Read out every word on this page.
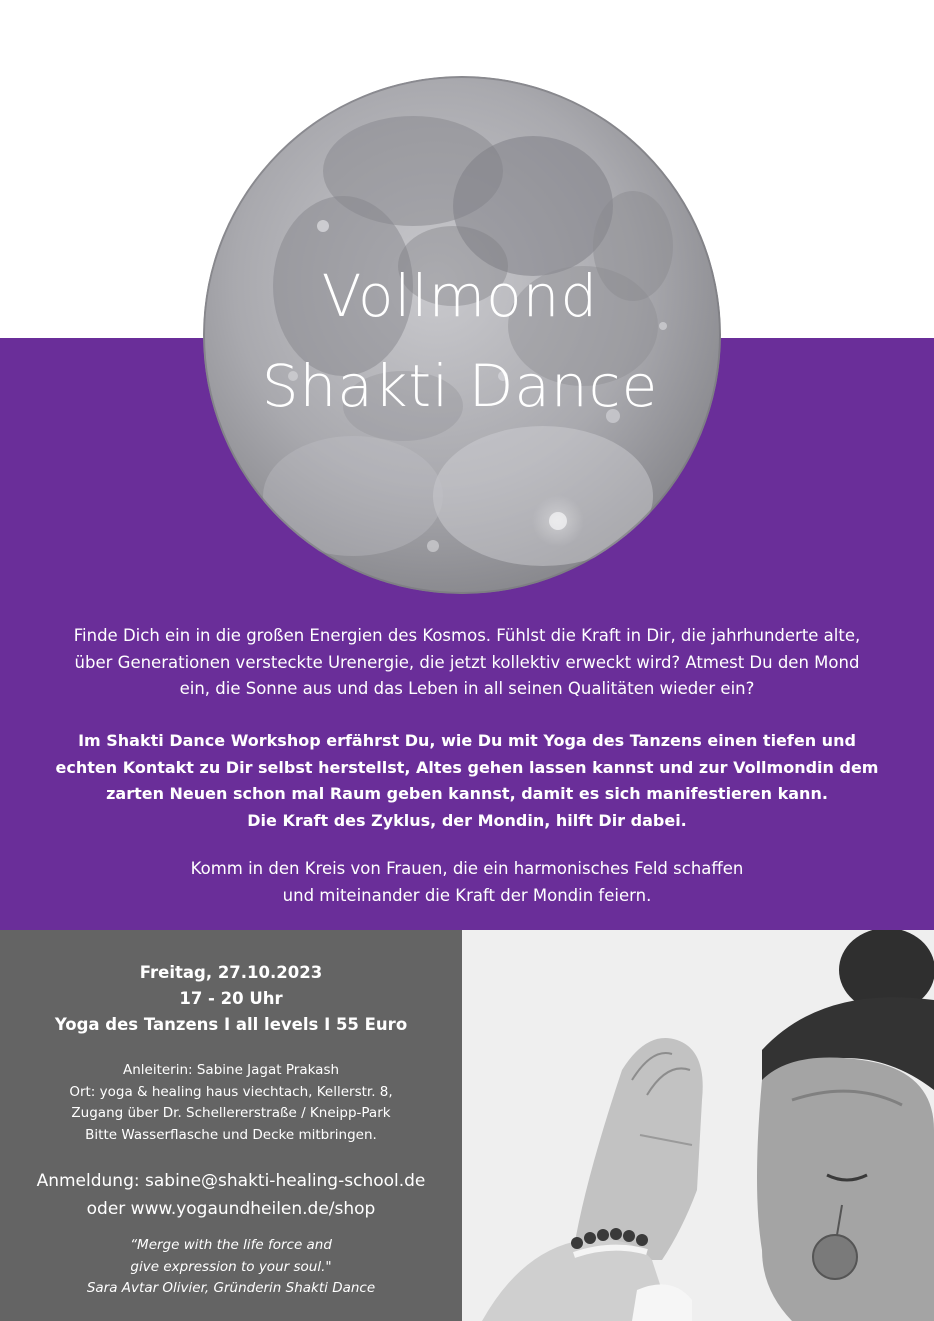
Vollmond
Shakti Dance
Finde Dich ein in die großen Energien des Kosmos. Fühlst die Kraft in Dir, die jahrhunderte alte,
über Generationen versteckte Urenergie, die jetzt kollektiv erweckt wird? Atmest Du den Mond
ein, die Sonne aus und das Leben in all seinen Qualitäten wieder ein?
Im Shakti Dance Workshop erfährst Du, wie Du mit Yoga des Tanzens einen tiefen und
echten Kontakt zu Dir selbst herstellst, Altes gehen lassen kannst und zur Vollmondin dem
zarten Neuen schon mal Raum geben kannst, damit es sich manifestieren kann.
Die Kraft des Zyklus, der Mondin, hilft Dir dabei.
Komm in den Kreis von Frauen, die ein harmonisches Feld schaffen
und miteinander die Kraft der Mondin feiern.
Freitag, 27.10.2023
17 - 20 Uhr
Yoga des Tanzens I all levels I 55 Euro
Anleiterin: Sabine Jagat Prakash
Ort: yoga & healing haus viechtach, Kellerstr. 8,
Zugang über Dr. Schellererstraße / Kneipp-Park
Bitte Wasserflasche und Decke mitbringen.
Anmeldung: sabine@shakti-healing-school.de
oder www.yogaundheilen.de/shop
“Merge with the life force and
give expression to your soul."
Sara Avtar Olivier, Gründerin Shakti Dance
